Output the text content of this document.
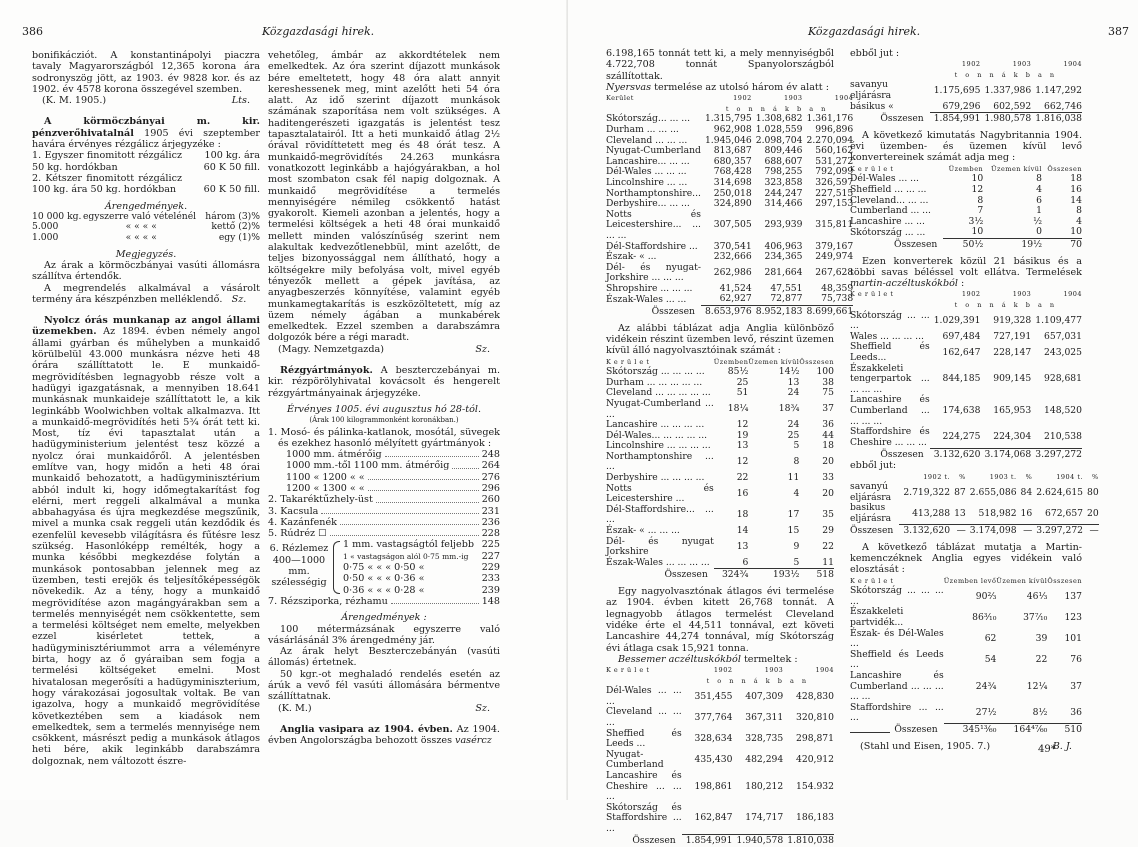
386	Közgazdasági hirek.

bonifikácziót. A konstantinápolyi piaczra tavaly Magyarországból 12,365 korona ára sodronyszög jött, az 1903. év 9828 kor. és az 1902. év 4578 korona összegével szemben.

(K. M. 1905.)	Lts.

A körmöczbányai m. kir. pénzverőhivatalnál 1905 évi szeptember havára érvényes rézgálicz árjegyzéke :

1. Egyszer finomitott rézgálicz 50 kg. hordókban
100 kg. ára 60 K 50 fill.
2. Kétszer finomitott rézgálicz 100 kg. ára 50 kg. hordókban	60 K 50 fill.
Árengedmények.
10 000 kg.	egyszerre való vételénél	három (3)%
5.000	« « « «	kettő (2)%
1.000	« « « «	egy (1)%
Megjegyzés.

Az árak a körmöczbányai vasúti állomásra szállítva értendők.

A megrendelés alkalmával a vásárolt termény ára készpénzben melléklendő. Sz.

Nyolcz órás munkanap az angol állami üzemekben. Az 1894. évben némely angol állami gyárban és műhelyben a munkaidő körülbelül 43.000 munkásra nézve heti 48 órára szállíttatott le. E munkaidő-megrövidítésben legnagyobb része volt a hadügyi igazgatásnak, a mennyiben 18.641 munkásnak munkaideje szállíttatott le, a kik leginkább Woolwichben voltak alkalmazva. Itt a munkaidő-megrövidítés heti 5¾ órát tett ki. Most, tíz évi tapasztalat után a hadügyministerium jelentést tesz közzé a nyolcz órai munkaidőről. A jelentésben említve van, hogy midőn a heti 48 órai munkaidő behozatott, a hadügyminisztérium abból indult ki, hogy időmegtakarítást fog elérni, mert reggeli alkalmával a munka abbahagyása és újra megkezdése megszűnik, mivel a munka csak reggeli után kezdődik és ezenfelül kevesebb világításra és fűtésre lesz szükség. Hasonlóképp remélték, hogy a munka későbbi megkezdése folytán a munkások pontosabban jelennek meg az üzemben, testi erejök és teljesítőképességök növekedik. Az a tény, hogy a munkaidő megrövidítése azon magángyárakban sem a termelés mennyiségét nem csökkentette, sem a termelési költséget nem emelte, melyekben ezzel kisérletet tettek, a hadügyminisztériummot arra a véleményre birta, hogy az ő gyáraiban sem fogja a termelési költségeket emelni. Most hivatalosan megerősíti a hadügyminiszterium, hogy várakozásai jogosultak voltak. Be van igazolva, hogy a munkaidő megrövidítése következtében sem a kiadások nem emelkedtek, sem a termelés mennyisége nem csökkent, másrészt pedig a munkások átlagos heti bére, akik leginkább darabszámra dolgoznak, nem változott észre-

vehetőleg, ámbár az akkordtételek nem emelkedtek. Az óra szerint díjazott munkások bére emeltetett, hogy 48 óra alatt annyit kereshessenek meg, mint azelőtt heti 54 óra alatt. Az idő szerint díjazott munkások számának szaporítása nem volt szükséges. A haditengerészeti igazgatás is jelentést tesz tapasztalatairól. Itt a heti munkaidő átlag 2½ órával rövidíttetett meg és 48 órát tesz. A munkaidő-megrövidítés 24.263 munkásra vonatkozott leginkább a hajógyárakban, a hol most szombaton csak fél napig dolgoznak. A munkaidő megrövidítése a termelés mennyiségére némileg csökkentő hatást gyakorolt. Kiemeli azonban a jelentés, hogy a termelési költségek a heti 48 órai munkaidő mellett minden valószínűség szerint nem alakultak kedvezőtlenebbül, mint azelőtt, de teljes bizonyossággal nem állítható, hogy a költségekre mily befolyása volt, mivel egyéb tényezők mellett a gépek javítása, az anyagbeszerzés könnyítése, valamint egyéb munkamegtakarítás is eszközöltetett, míg az üzem némely ágában a munkabérek emelkedtek. Ezzel szemben a darabszámra dolgozók bére a régi maradt.

(Magy. Nemzetgazda)	Sz.

Rézgyártmányok. A beszterczebányai m. kir. rézpörölyhivatal kovácsolt és hengerelt rézgyártmányainak árjegyzéke.

Érvényes 1005. évi augusztus hó 28-tól.
(Árak 100 kilogrammonként koronákban.)
1. Mosó- és pálinka-katlanok, mosótál, süvegek és ezekhez hasonló mélyített gyártmányok :
1000 mm. átmérőig	248
1000 mm.-től 1100 mm. átmérőig	264
1100 « 1200 « «	276
1200 « 1300 « «	296
2. Takaréktűzhely-üst	260
3. Kacsula	231
4. Kazánfenék	236
5. Rúdréz ☐	228
6. Rézlemez 400—1000 mm. szélességig
1 mm. vastagságtól feljebb 225
1 « vastagságon alól 0·75 mm.-ig 227
0·75 « « « 0·50 «	229
0·50 « « « 0·36 «	233
0·36 « « « 0·28 «	239
7. Rézsziporka, rézhamu	148
Árengedmények :

100 métermázsának egyszerre való vásárlásánál 3% árengedmény jár.

Az árak helyt Beszterczebányán (vasúti állomás) értetnek.

50 kgr.-ot meghaladó rendelés esetén az árúk a vevő fél vasúti állomására bérmentve szállíttatnak.

(K. M.)	Sz.

Anglia vasipara az 1904. évben. Az 1904. évben Angolországba behozott összes vasércz

Közgazdasági hirek.	387

6.198,165 tonnát tett ki, a mely mennyiségből 4.722,708 tonnát Spanyolországból szállítottak.

Nyersvas termelése az utolsó három év alatt :

Kerület	1902	1903	1904
	t o n n á k b a n		
Skótország... ... ...	1.315,795	1.308,682	1.361,176
Durham ... ... ...	962,908	1.028,559	996,896
Cleveland ... ... ...	1.945,046	2.098,704	2.270,094
Nyugat-Cumberland	813,687	809,446	560,162
Lancashire... ... ...	680,357	688,607	531,272
Dél-Wales ... ... ...	768,428	798,255	792,099
Lincolnshire ... ...	314,698	323,858	326,597
Northamptonshire...	250,018	244,247	227,515
Derbyshire... ... ...	324,890	314,466	297,153
Notts és Leicestershire... ... ... ...	307,505	293,939	315,811
Dél-Staffordshire ...	370,541	406,963	379,167
Észak- « ...	232,666	234,365	249,974
Dél- és nyugat-Jorkshire ... ... ...	262,986	281,664	267,628
Shropshire ... ... ...	41,524	47,551	48,359
Észak-Wales ... ...	62,927	72,877	75,738
Összesen	8.653,976	8.952,183	8.699,661

Az alábbi táblázat adja Anglia különböző vidékein részint üzemben levő, részint üzemen kívül álló nagyolvasztóinak számát :

K e r ü l e t	Üzemben	Üzemen kívül	Összesen
Skótország ... ... ... ...	85½	14½	100
Durham ... ... ... ... ...	25	13	38
Cleveland ... ... ... ... ...	51	24	75
Nyugat-Cumberland ... ...	18¼	18¾	37
Lancashire ... ... ... ...	12	24	36
Dél-Wales... ... ... ... ...	19	25	44
Lincolnshire ... ... ... ...	13	5	18
Northamptonshire ... ...	12	8	20
Derbyshire ... ... ... ...	22	11	33
Notts és Leicestershire ...	16	4	20
Dél-Staffordshire... ... ...	18	17	35
Észak- « ... ... ...	14	15	29
Dél- és nyugat Jorkshire	13	9	22
Észak-Wales ... ... ... ...	6	5	11
Összesen	324¾	193½	518

Egy nagyolvasztónak átlagos évi termelése az 1904. évben kitett 26,768 tonnát. A legnagyobb átlagos termelést Cleveland vidéke érte el 44,511 tonnával, ezt követi Lancashire 44,274 tonnával, míg Skótország évi átlaga csak 15,921 tonna.

Bessemer aczéltuskókból termeltek :

K e r ü l e t	1902	1903	1904
	t o n n á k b a n		
Dél-Wales ... ... ...	351,455	407,309	428,830
Cleveland ... ... ...	377,764	367,311	320,810
Sheffied és Leeds ...	328,634	328,735	298,871
Nyugat-Cumberland	435,430	482,294	420,912
Lancashire és Cheshire ... ... ...	198,861	180,212	154.932
Skótország és Staffordshire ... ...	162,847	174,717	186,183
Összesen	1.854,991	1.940,578	1.810,038

ebből jut :

	1902	1903	1904
	t o n n á k b a n		
savanyu eljárásra	1.175,695	1.337,986	1.147,292
básikus «	679,296	602,592	662,746
Összesen	1.854,991	1.980,578	1.816,038

A következő kimutatás Nagybritannia 1904. évi üzemben- és üzemen kívül levő konvertereinek számát adja meg :

K e r ü l e t	Üzemben	Üzemen kívül	Összesen
Dél-Wales ... ...	10	8	18
Sheffield ... ... ...	12	4	16
Cleveland... ... ...	8	6	14
Cumberland ... ...	7	1	8
Lancashire ... ...	3½	½	4
Skótország ... ...	10	0	10
Összesen	50½	19½	70

Ezen konverterek közül 21 básikus és a többi savas béléssel volt ellátva. Termelések martin-aczéltuskókból :

K e r ü l e t	1902	1903	1904
	t o n n á k b a n		
Skótország ... ... ...	1.029,391	919,328	1.109,477
Wales ... ... ... ...	697,484	727,191	657,031
Sheffield és Leeds...	162,647	228,147	243,025
Északkeleti tengerpartok ... ... ... ...	844,185	909,145	928,681
Lancashire és Cumberland ... ... ... ...	174,638	165,953	148,520
Staffordshire és Cheshire ... ... ...	224,275	224,304	210,538
Összesen	3.132,620	3.174,068	3.297,272

ebből jut:

	1902 t.	%	1903 t.	%	1904 t.	%
savanyú eljárásra	2.719,322	87	2.655,086	84	2.624,615	80
basikus eljárásra	413,288	13	518,982	16	672,657	20
Összesen	3.132,620	—	3.174,098	—	3.297,272	—

A következő táblázat mutatja a Martin-kemenczéknek Anglia egyes vidékein való elosztását :

K e r ü l e t	Üzemben levő	Üzemen kívül	Összesen
Skótország ... ... ... ...	90⅔	46⅓	137
Északkeleti partvidék...	86³⁄₁₀	37⁷⁄₁₀	123
Észak- és Dél-Wales ...	62	39	101
Sheffield és Leeds ...	54	22	76
Lancashire és Cumberland ... ... ... ... ...	24¾	12¼	37
Staffordshire ... ... ...	27½	8½	36
Összesen	345¹³⁄₆₀	164⁴⁷⁄₆₀	510
(Stahl und Eisen, 1905. 7.)	B. J.
49*
